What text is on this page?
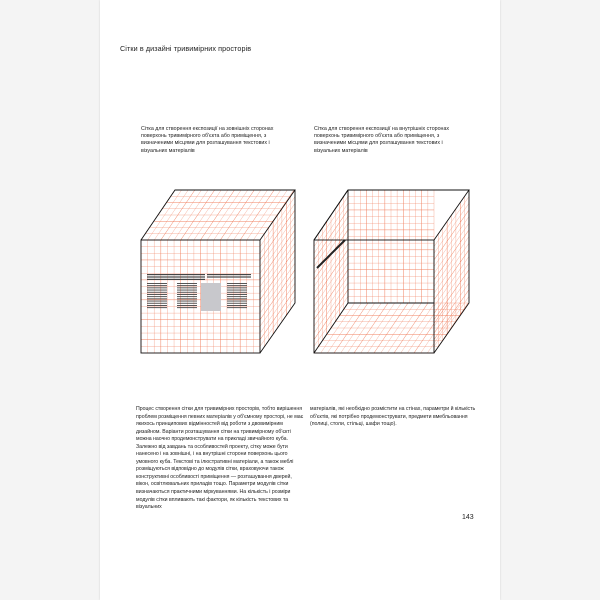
Сітки в дизайні тривимірних просторів
Сітка для створення експозиції на зовнішніх сторонах поверхонь тривимірного об'єкта або приміщення, з визначеними місцями для розташування текстових і візуальних матеріалів
Сітка для створення експозиції на внутрішніх сторонах поверхонь тривимірного об'єкта або приміщення, з визначеними місцями для розташування текстових і візуальних матеріалів
Процес створення сітки для тривимірних просторів, тобто вирішення проблем розміщення певних матеріалів у об'ємному просторі, не має якихось принципових відмінностей від роботи з двовимірним дизайном. Варіанти розташування сітки на тривимірному об'єкті можна наочно продемонструвати на прикладі звичайного куба. Залежно від завдань та особливостей проекту, сітку може бути нанесено і на зовнішні, і на внутрішні сторони поверхонь цього умовного куба. Текстові та ілюстративні матеріали, а також меблі розміщуються відповідно до модулів сітки, враховуючи також конструктивні особливості приміщення — розташування дверей, вікон, освітлювальних приладів тощо. Параметри модулів сітки визначаються практичними міркуваннями. На кількість і розміри модулів сітки впливають такі фактори, як кількість текстових та візуальних
матеріалів, які необхідно розмістити на стінах, параметри й кількість об'єктів, які потрібно продемонструвати, предмети вмебльовання (полиці, столи, стільці, шафи тощо).
143
